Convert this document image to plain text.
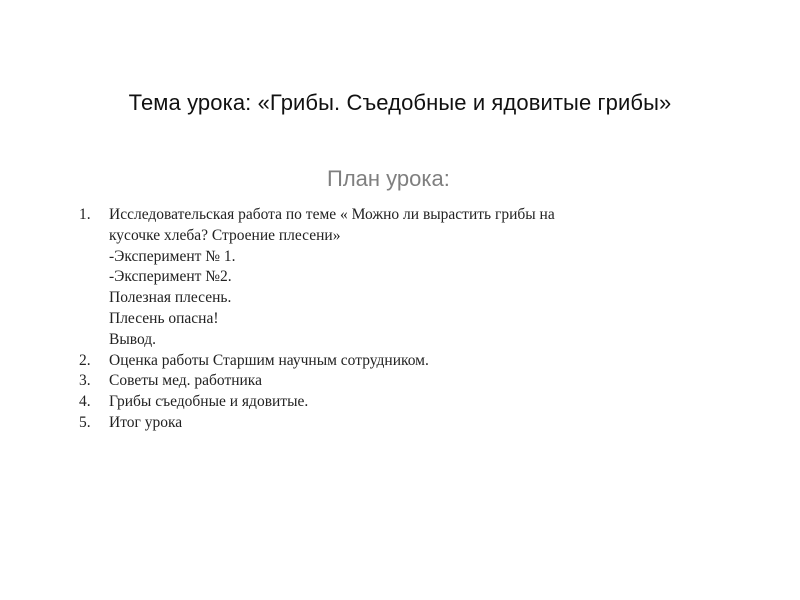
Тема урока: «Грибы. Съедобные и ядовитые грибы»
План урока:
1.	Исследовательская работа по теме « Можно ли вырастить грибы на
кусочке хлеба? Строение плесени»
-Эксперимент № 1.
-Эксперимент №2.
Полезная плесень.
Плесень опасна!
Вывод.
2.	Оценка работы Старшим научным сотрудником.
3.	Советы мед. работника
4.	Грибы съедобные и ядовитые.
5.	Итог урока
